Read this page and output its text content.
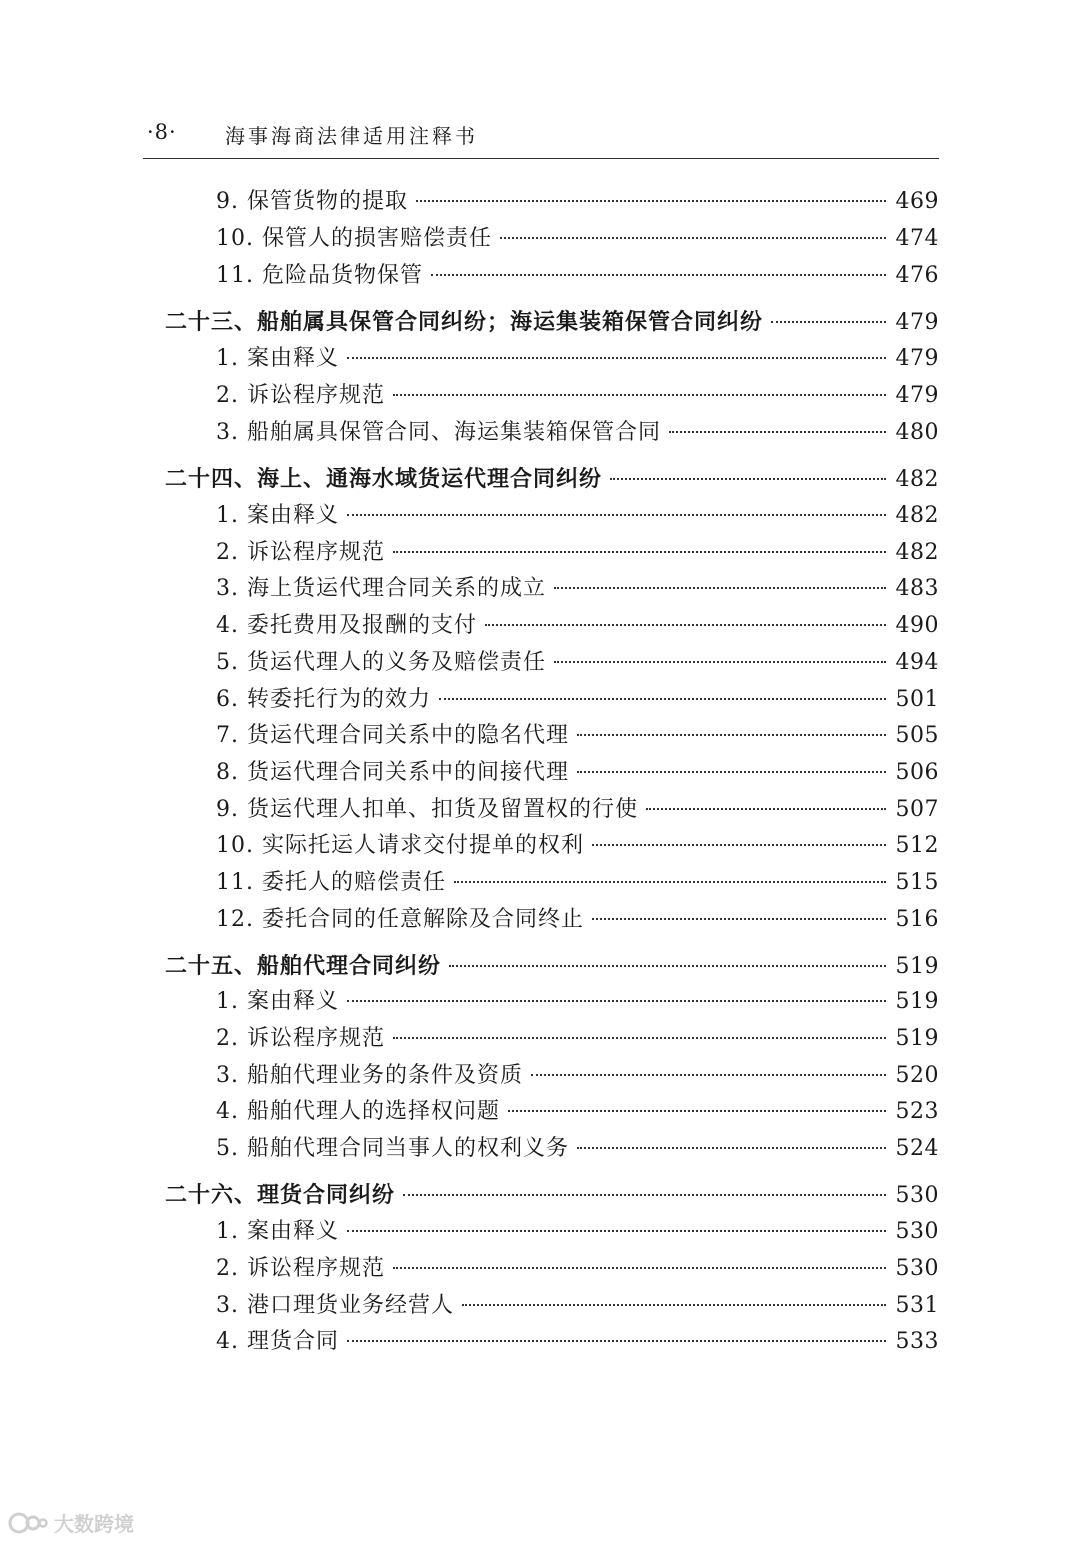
·8· 海事海商法律适用注释书
9. 保管货物的提取	469
10. 保管人的损害赔偿责任	474
11. 危险品货物保管	476
二十三、船舶属具保管合同纠纷；海运集装箱保管合同纠纷	479
1. 案由释义	479
2. 诉讼程序规范	479
3. 船舶属具保管合同、海运集装箱保管合同	480
二十四、海上、通海水域货运代理合同纠纷	482
1. 案由释义	482
2. 诉讼程序规范	482
3. 海上货运代理合同关系的成立	483
4. 委托费用及报酬的支付	490
5. 货运代理人的义务及赔偿责任	494
6. 转委托行为的效力	501
7. 货运代理合同关系中的隐名代理	505
8. 货运代理合同关系中的间接代理	506
9. 货运代理人扣单、扣货及留置权的行使	507
10. 实际托运人请求交付提单的权利	512
11. 委托人的赔偿责任	515
12. 委托合同的任意解除及合同终止	516
二十五、船舶代理合同纠纷	519
1. 案由释义	519
2. 诉讼程序规范	519
3. 船舶代理业务的条件及资质	520
4. 船舶代理人的选择权问题	523
5. 船舶代理合同当事人的权利义务	524
二十六、理货合同纠纷	530
1. 案由释义	530
2. 诉讼程序规范	530
3. 港口理货业务经营人	531
4. 理货合同	533
大数跨境
